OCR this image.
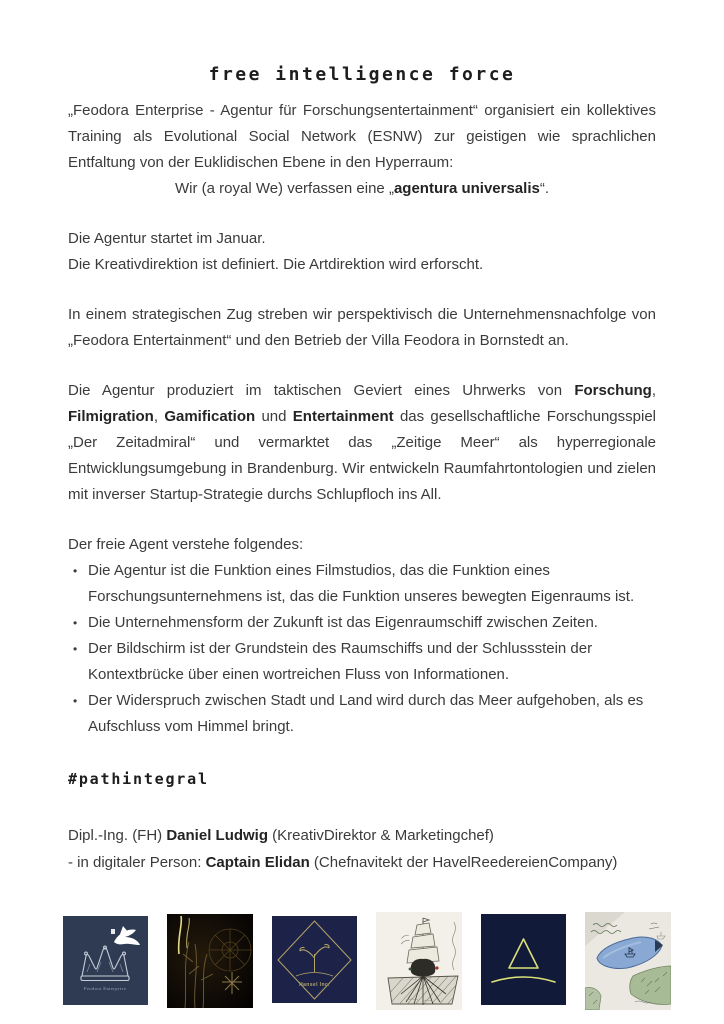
free intelligence force

„Feodora Enterprise - Agentur für Forschungsentertainment“ organisiert ein kollektives Training als Evolutional Social Network (ESNW) zur geistigen wie sprachlichen Entfaltung von der Euklidischen Ebene in den Hyperraum:

Wir (a royal We) verfassen eine „agentura universalis“.

Die Agentur startet im Januar.

Die Kreativdirektion ist definiert. Die Artdirektion wird erforscht.

In einem strategischen Zug streben wir perspektivisch die Unternehmensnachfolge von „Feodora Entertainment“ und den Betrieb der Villa Feodora in Bornstedt an.

Die Agentur produziert im taktischen Geviert eines Uhrwerks von Forschung, Filmigration, Gamification und Entertainment das gesellschaftliche Forschungsspiel „Der Zeitadmiral“ und vermarktet das „Zeitige Meer“ als hyperregionale Entwicklungsumgebung in Brandenburg. Wir entwickeln Raumfahrtontologien und zielen mit inverser Startup-Strategie durchs Schlupfloch ins All.

Der freie Agent verstehe folgendes:

• Die Agentur ist die Funktion eines Filmstudios, das die Funktion eines Forschungsunternehmens ist, das die Funktion unseres bewegten Eigenraums ist.
• Die Unternehmensform der Zukunft ist das Eigenraumschiff zwischen Zeiten.
• Der Bildschirm ist der Grundstein des Raumschiffs und der Schlussstein der Kontextbrücke über einen wortreichen Fluss von Informationen.
• Der Widerspruch zwischen Stadt und Land wird durch das Meer aufgehoben, als es Aufschluss vom Himmel bringt.
#pathintegral

Dipl.-Ing. (FH) Daniel Ludwig (KreativDirektor & Marketingchef)

- in digitaler Person: Captain Elidan (Chefnavitekt der HavelReedereienCompany)

Feodora Enterprise
Hansel Inc.
